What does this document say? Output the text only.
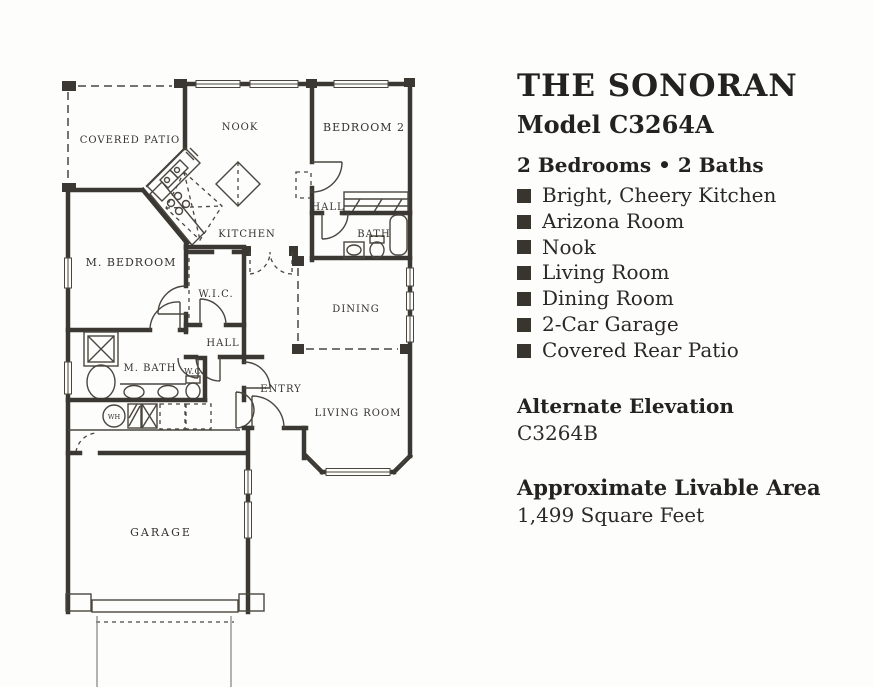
WH
COVERED PATIO
NOOK	BEDROOM 2
KITCHEN
HALL
BATH
M. BEDROOM
W.I.C.
HALL
M. BATH W.C.
DINING
ENTRY
LIVING ROOM
GARAGE
THE SONORAN
Model C3264A
2 Bedrooms • 2 Baths
Bright, Cheery Kitchen
Arizona Room
Nook
Living Room
Dining Room
2-Car Garage
Covered Rear Patio
Alternate Elevation
C3264B
Approximate Livable Area
1,499 Square Feet
